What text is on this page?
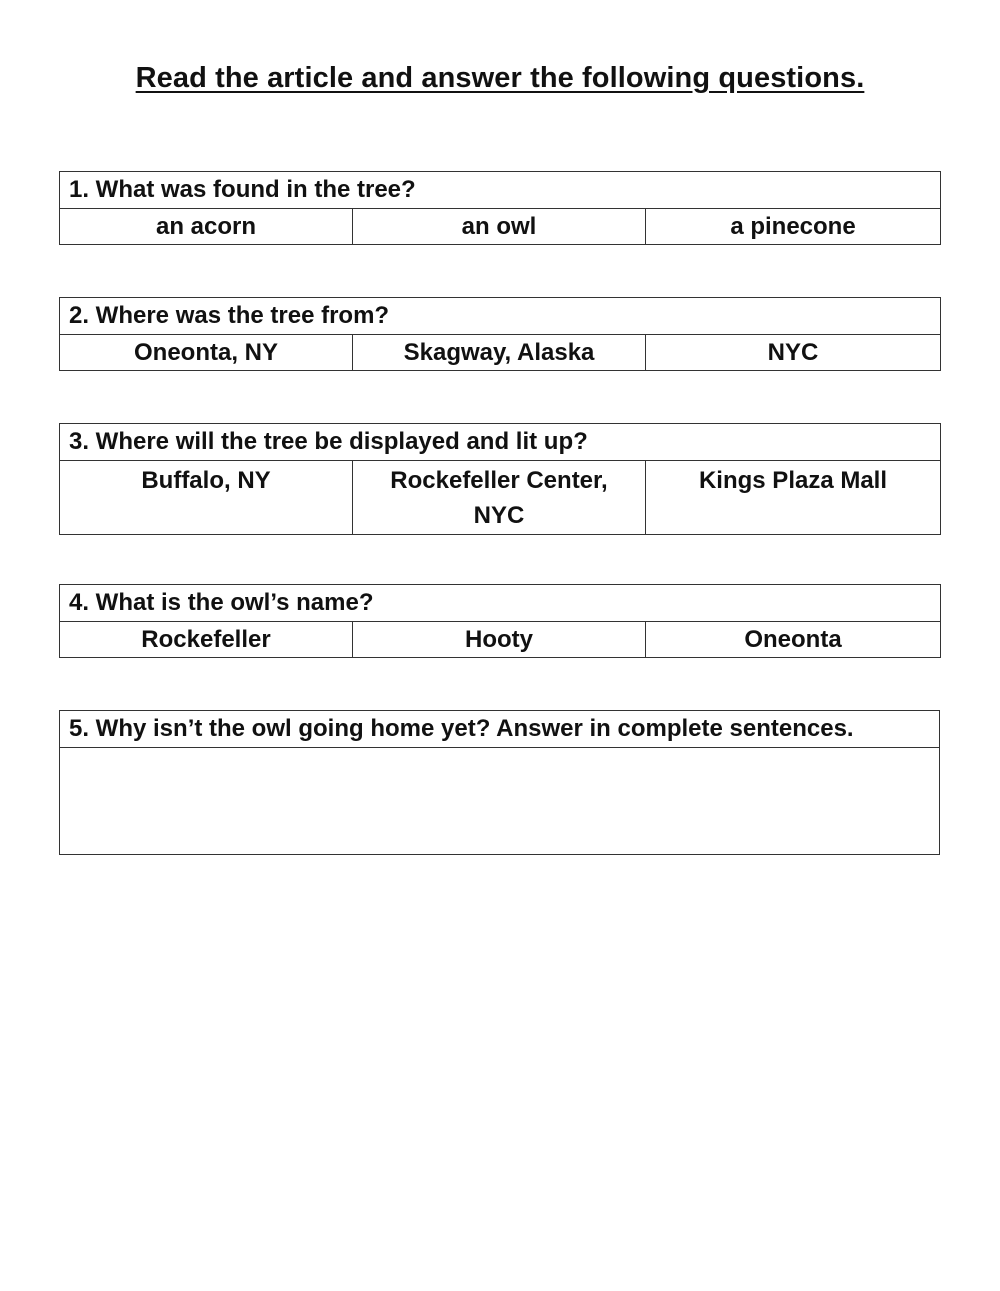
Read the article and answer the following questions.
1. What was found in the tree?
an acorn	an owl	a pinecone
2. Where was the tree from?
Oneonta, NY	Skagway, Alaska	NYC
3. Where will the tree be displayed and lit up?
Buffalo, NY	Rockefeller Center, NYC	Kings Plaza Mall
4. What is the owl’s name?
Rockefeller	Hooty	Oneonta
5. Why isn’t the owl going home yet? Answer in complete sentences.
